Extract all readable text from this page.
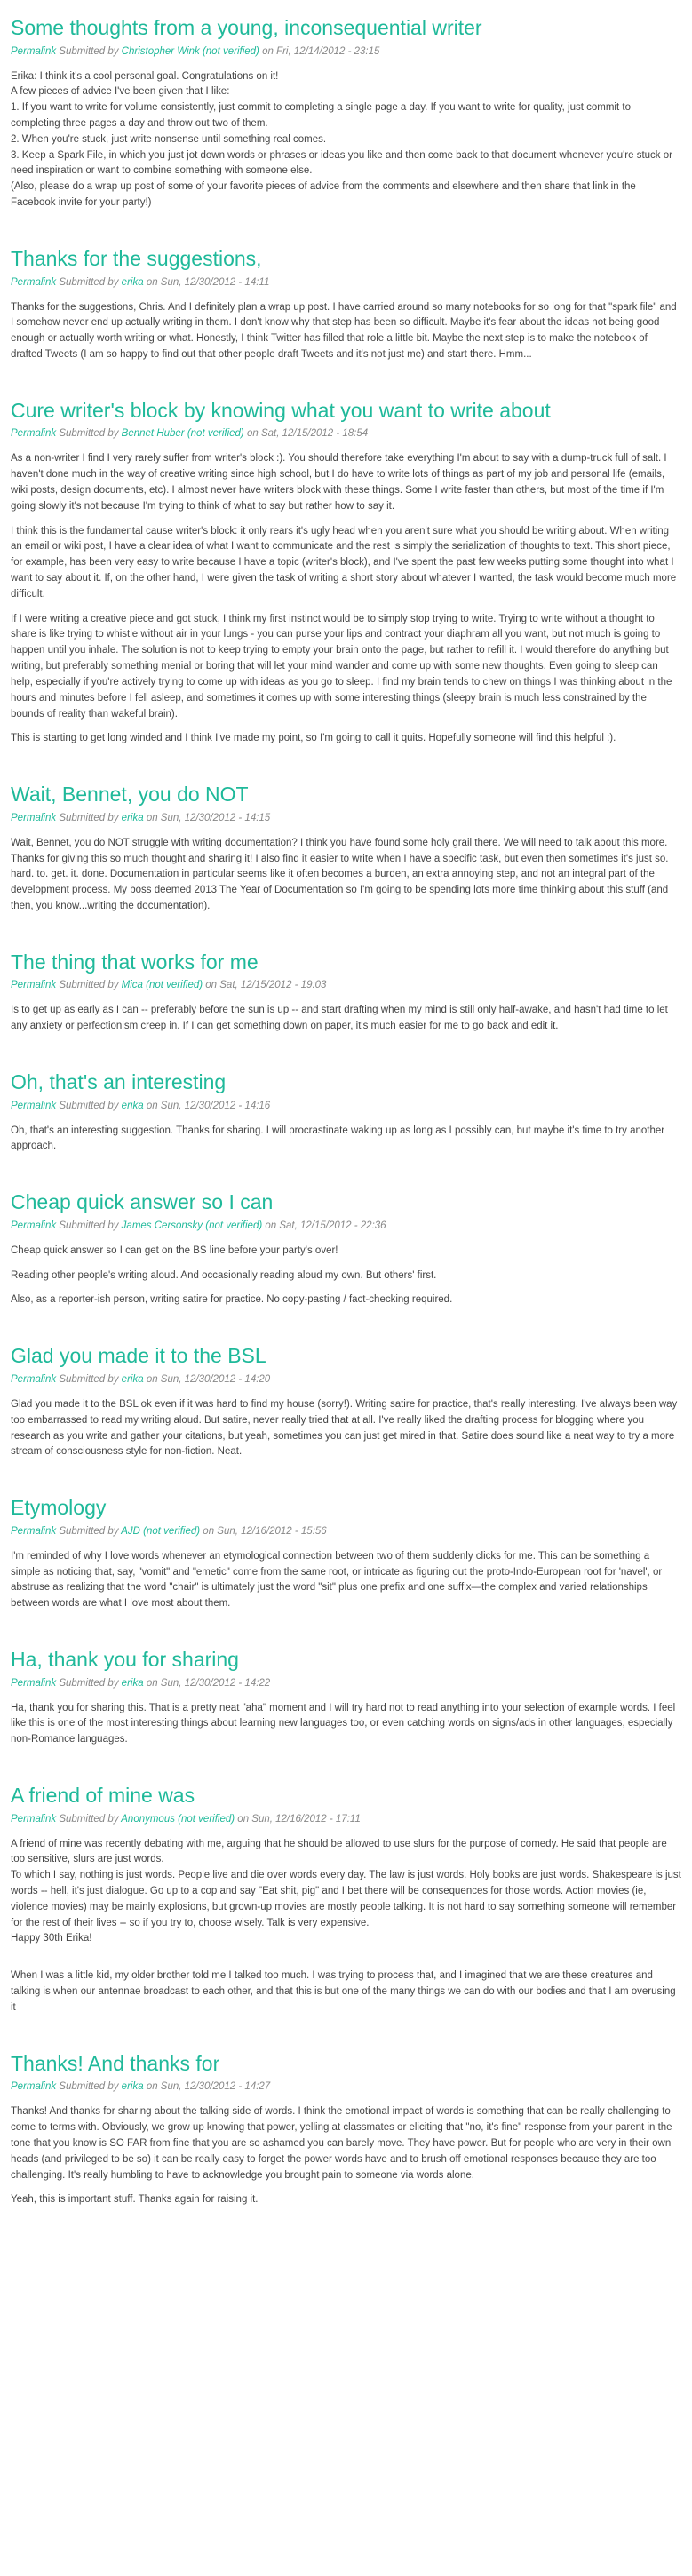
Some thoughts from a young, inconsequential writer
Permalink Submitted by Christopher Wink (not verified) on Fri, 12/14/2012 - 23:15

Erika: I think it's a cool personal goal. Congratulations on it!

A few pieces of advice I've been given that I like:

1. If you want to write for volume consistently, just commit to completing a single page a day. If you want to write for quality, just commit to completing three pages a day and throw out two of them.

2. When you're stuck, just write nonsense until something real comes.

3. Keep a Spark File, in which you just jot down words or phrases or ideas you like and then come back to that document whenever you're stuck or need inspiration or want to combine something with someone else.

(Also, please do a wrap up post of some of your favorite pieces of advice from the comments and elsewhere and then share that link in the Facebook invite for your party!)

Thanks for the suggestions,
Permalink Submitted by erika on Sun, 12/30/2012 - 14:11

Thanks for the suggestions, Chris. And I definitely plan a wrap up post. I have carried around so many notebooks for so long for that "spark file" and I somehow never end up actually writing in them. I don't know why that step has been so difficult. Maybe it's fear about the ideas not being good enough or actually worth writing or what. Honestly, I think Twitter has filled that role a little bit. Maybe the next step is to make the notebook of drafted Tweets (I am so happy to find out that other people draft Tweets and it's not just me) and start there. Hmm...

Cure writer's block by knowing what you want to write about
Permalink Submitted by Bennet Huber (not verified) on Sat, 12/15/2012 - 18:54

As a non-writer I find I very rarely suffer from writer's block :). You should therefore take everything I'm about to say with a dump-truck full of salt. I haven't done much in the way of creative writing since high school, but I do have to write lots of things as part of my job and personal life (emails, wiki posts, design documents, etc). I almost never have writers block with these things. Some I write faster than others, but most of the time if I'm going slowly it's not because I'm trying to think of what to say but rather how to say it.

I think this is the fundamental cause writer's block: it only rears it's ugly head when you aren't sure what you should be writing about. When writing an email or wiki post, I have a clear idea of what I want to communicate and the rest is simply the serialization of thoughts to text. This short piece, for example, has been very easy to write because I have a topic (writer's block), and I've spent the past few weeks putting some thought into what I want to say about it. If, on the other hand, I were given the task of writing a short story about whatever I wanted, the task would become much more difficult.

If I were writing a creative piece and got stuck, I think my first instinct would be to simply stop trying to write. Trying to write without a thought to share is like trying to whistle without air in your lungs - you can purse your lips and contract your diaphram all you want, but not much is going to happen until you inhale. The solution is not to keep trying to empty your brain onto the page, but rather to refill it. I would therefore do anything but writing, but preferably something menial or boring that will let your mind wander and come up with some new thoughts. Even going to sleep can help, especially if you're actively trying to come up with ideas as you go to sleep. I find my brain tends to chew on things I was thinking about in the hours and minutes before I fell asleep, and sometimes it comes up with some interesting things (sleepy brain is much less constrained by the bounds of reality than wakeful brain).

This is starting to get long winded and I think I've made my point, so I'm going to call it quits. Hopefully someone will find this helpful :).

Wait, Bennet, you do NOT
Permalink Submitted by erika on Sun, 12/30/2012 - 14:15

Wait, Bennet, you do NOT struggle with writing documentation? I think you have found some holy grail there. We will need to talk about this more. Thanks for giving this so much thought and sharing it! I also find it easier to write when I have a specific task, but even then sometimes it's just so. hard. to. get. it. done. Documentation in particular seems like it often becomes a burden, an extra annoying step, and not an integral part of the development process. My boss deemed 2013 The Year of Documentation so I'm going to be spending lots more time thinking about this stuff (and then, you know...writing the documentation).

The thing that works for me
Permalink Submitted by Mica (not verified) on Sat, 12/15/2012 - 19:03

Is to get up as early as I can -- preferably before the sun is up -- and start drafting when my mind is still only half-awake, and hasn't had time to let any anxiety or perfectionism creep in. If I can get something down on paper, it's much easier for me to go back and edit it.

Oh, that's an interesting
Permalink Submitted by erika on Sun, 12/30/2012 - 14:16

Oh, that's an interesting suggestion. Thanks for sharing. I will procrastinate waking up as long as I possibly can, but maybe it's time to try another approach.

Cheap quick answer so I can
Permalink Submitted by James Cersonsky (not verified) on Sat, 12/15/2012 - 22:36

Cheap quick answer so I can get on the BS line before your party's over!

Reading other people's writing aloud. And occasionally reading aloud my own. But others' first.

Also, as a reporter-ish person, writing satire for practice. No copy-pasting / fact-checking required.

Glad you made it to the BSL
Permalink Submitted by erika on Sun, 12/30/2012 - 14:20

Glad you made it to the BSL ok even if it was hard to find my house (sorry!). Writing satire for practice, that's really interesting. I've always been way too embarrassed to read my writing aloud. But satire, never really tried that at all. I've really liked the drafting process for blogging where you research as you write and gather your citations, but yeah, sometimes you can just get mired in that. Satire does sound like a neat way to try a more stream of consciousness style for non-fiction. Neat.

Etymology
Permalink Submitted by AJD (not verified) on Sun, 12/16/2012 - 15:56

I'm reminded of why I love words whenever an etymological connection between two of them suddenly clicks for me. This can be something a simple as noticing that, say, "vomit" and "emetic" come from the same root, or intricate as figuring out the proto-Indo-European root for 'navel', or abstruse as realizing that the word "chair" is ultimately just the word "sit" plus one prefix and one suffix—the complex and varied relationships between words are what I love most about them.

Ha, thank you for sharing
Permalink Submitted by erika on Sun, 12/30/2012 - 14:22

Ha, thank you for sharing this. That is a pretty neat "aha" moment and I will try hard not to read anything into your selection of example words. I feel like this is one of the most interesting things about learning new languages too, or even catching words on signs/ads in other languages, especially non-Romance languages.

A friend of mine was
Permalink Submitted by Anonymous (not verified) on Sun, 12/16/2012 - 17:11

A friend of mine was recently debating with me, arguing that he should be allowed to use slurs for the purpose of comedy. He said that people are too sensitive, slurs are just words.

To which I say, nothing is just words. People live and die over words every day. The law is just words. Holy books are just words. Shakespeare is just words -- hell, it's just dialogue. Go up to a cop and say "Eat shit, pig" and I bet there will be consequences for those words. Action movies (ie, violence movies) may be mainly explosions, but grown-up movies are mostly people talking. It is not hard to say something someone will remember for the rest of their lives -- so if you try to, choose wisely. Talk is very expensive.

Happy 30th Erika!

When I was a little kid, my older brother told me I talked too much. I was trying to process that, and I imagined that we are these creatures and talking is when our antennae broadcast to each other, and that this is but one of the many things we can do with our bodies and that I am overusing it

Thanks! And thanks for
Permalink Submitted by erika on Sun, 12/30/2012 - 14:27

Thanks! And thanks for sharing about the talking side of words. I think the emotional impact of words is something that can be really challenging to come to terms with. Obviously, we grow up knowing that power, yelling at classmates or eliciting that "no, it's fine" response from your parent in the tone that you know is SO FAR from fine that you are so ashamed you can barely move. They have power. But for people who are very in their own heads (and privileged to be so) it can be really easy to forget the power words have and to brush off emotional responses because they are too challenging. It's really humbling to have to acknowledge you brought pain to someone via words alone.

Yeah, this is important stuff. Thanks again for raising it.
